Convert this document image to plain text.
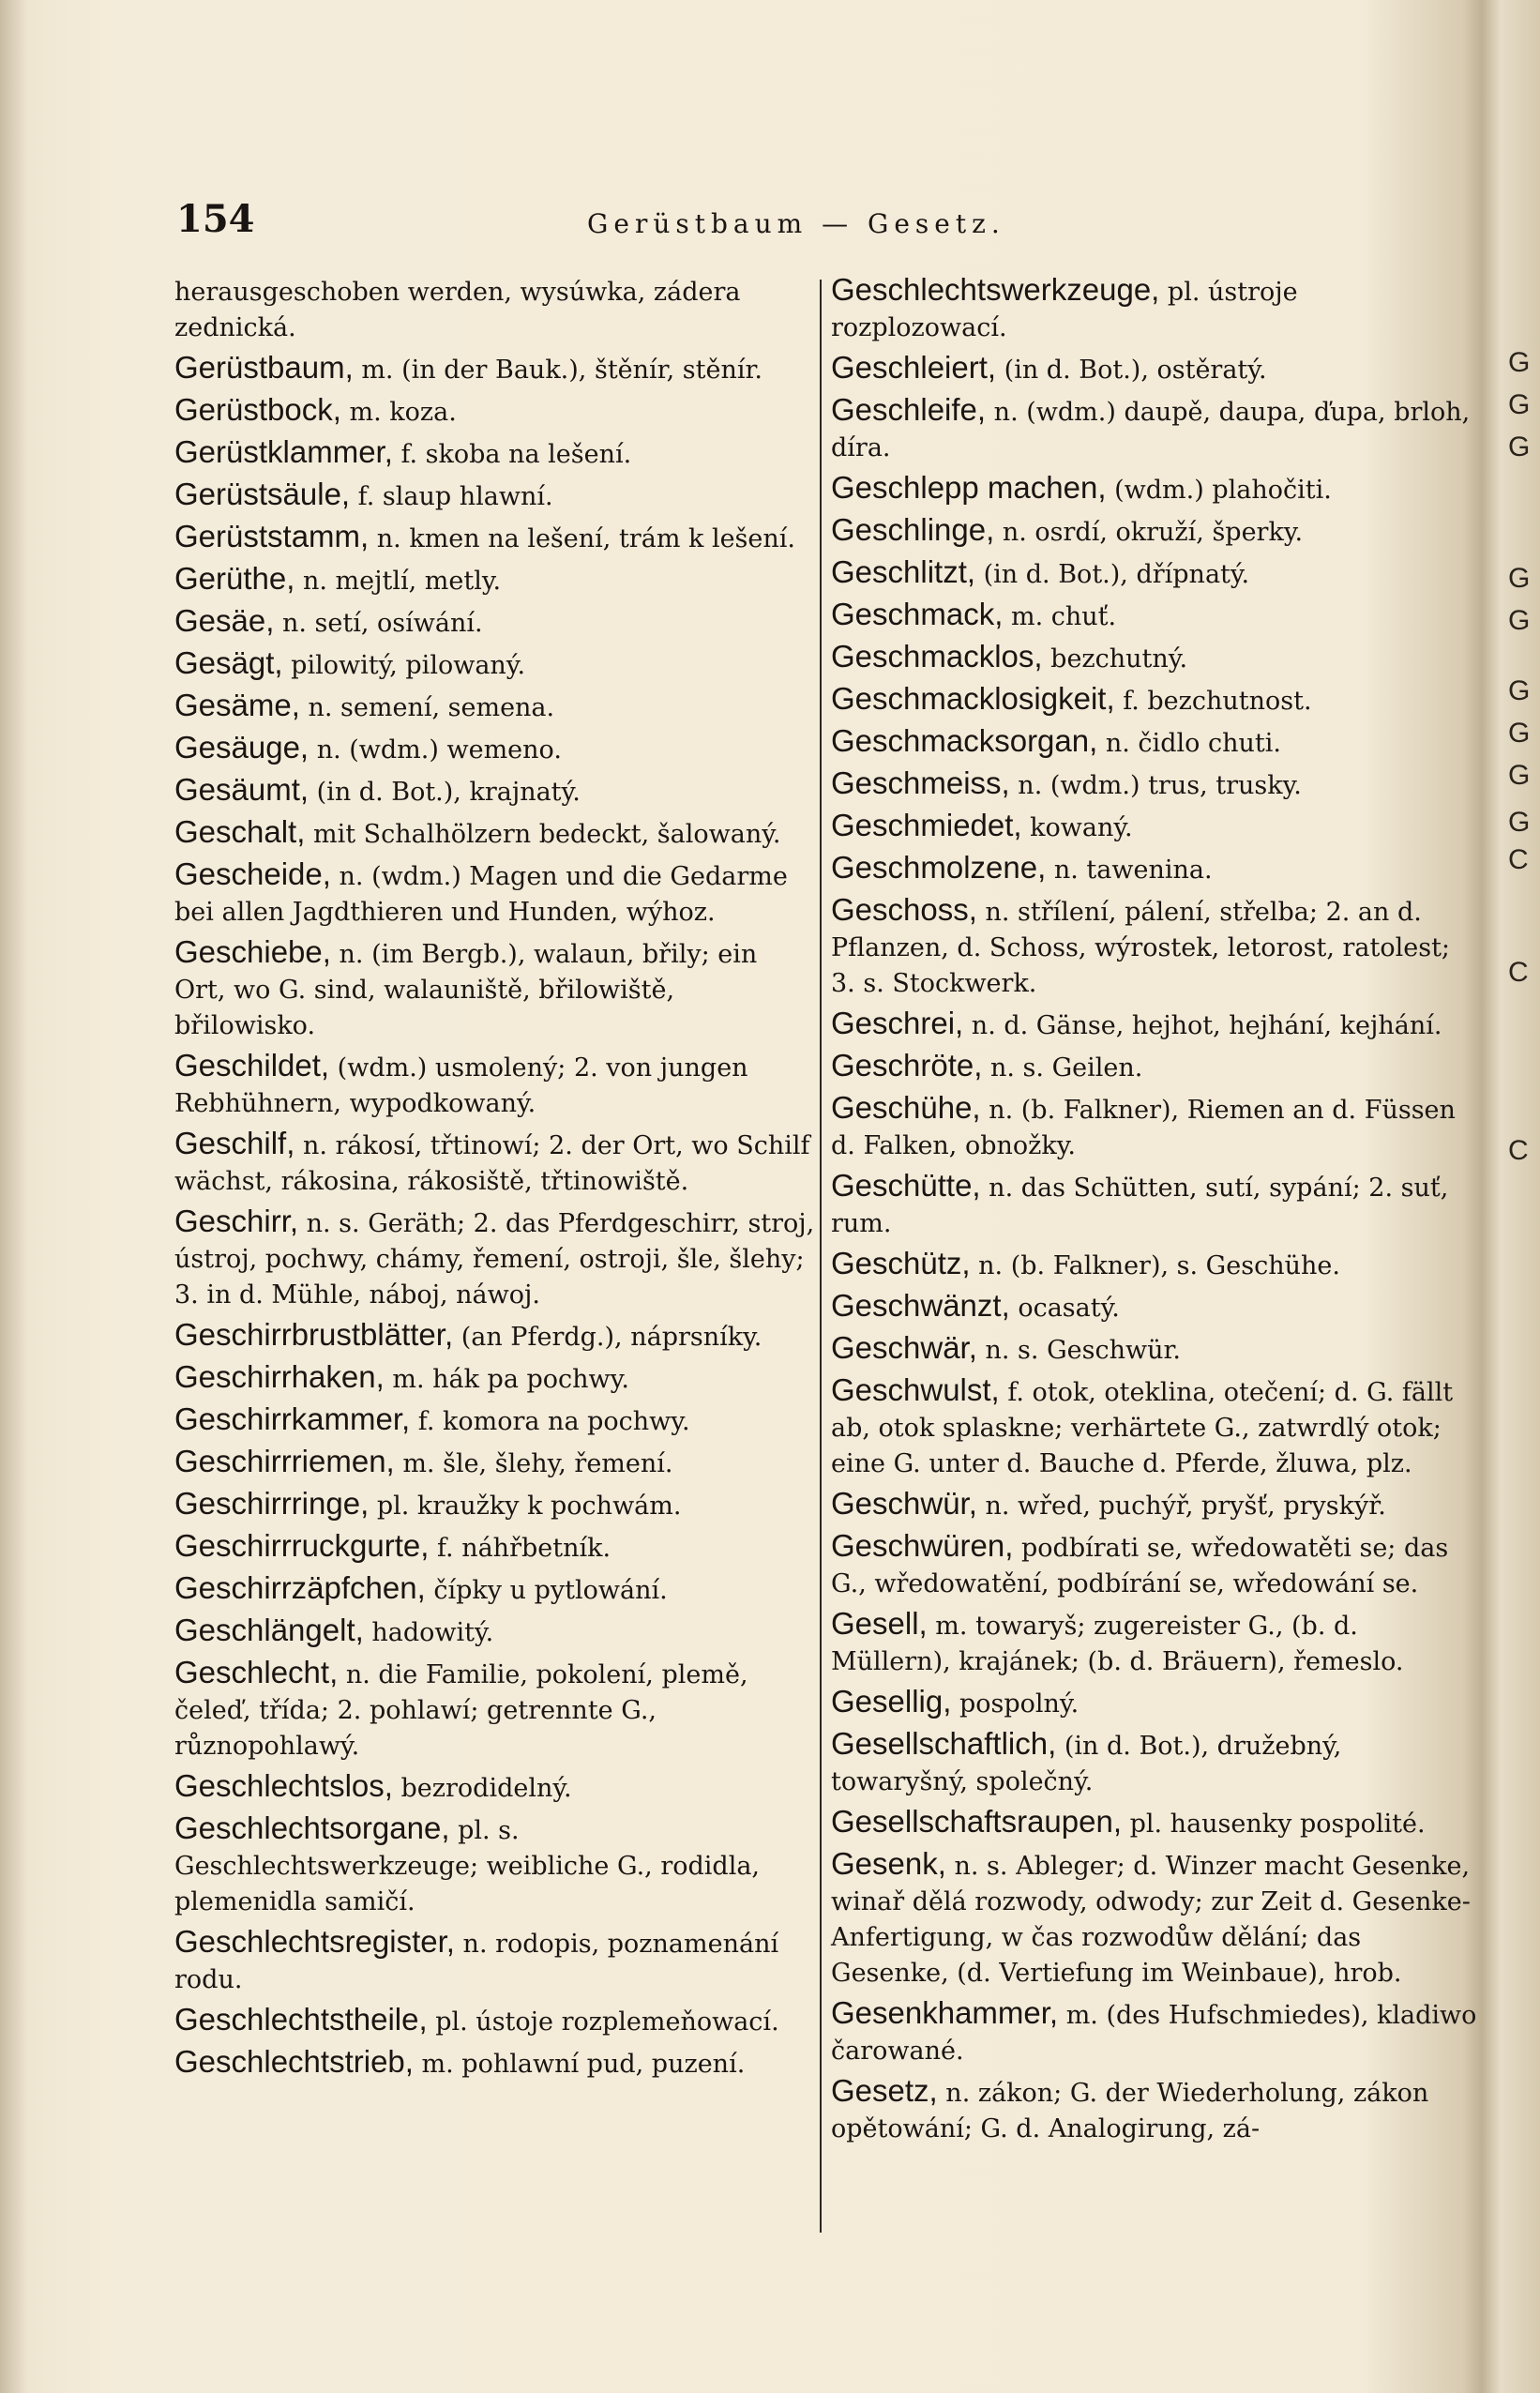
154	Gerüstbaum — Gesetz.

herausgeschoben werden, wysúwka, zádera zednická.

Gerüstbaum, m. (in der Bauk.), štěnír, stěnír.

Gerüstbock, m. koza.

Gerüstklammer, f. skoba na lešení.

Gerüstsäule, f. slaup hlawní.

Gerüststamm, n. kmen na lešení, trám k lešení.

Gerüthe, n. mejtlí, metly.

Gesäe, n. setí, osíwání.

Gesägt, pilowitý, pilowaný.

Gesäme, n. semení, semena.

Gesäuge, n. (wdm.) wemeno.

Gesäumt, (in d. Bot.), krajnatý.

Geschalt, mit Schalhölzern bedeckt, šalowaný.

Gescheide, n. (wdm.) Magen und die Gedarme bei allen Jagdthieren und Hunden, wýhoz.

Geschiebe, n. (im Bergb.), walaun, břily; ein Ort, wo G. sind, walauniště, břilowiště, břilowisko.

Geschildet, (wdm.) usmolený; 2. von jungen Rebhühnern, wypodkowaný.

Geschilf, n. rákosí, třtinowí; 2. der Ort, wo Schilf wächst, rákosina, rákosiště, třtinowiště.

Geschirr, n. s. Geräth; 2. das Pferdgeschirr, stroj, ústroj, pochwy, chámy, řemení, ostroji, šle, šlehy; 3. in d. Mühle, náboj, náwoj.

Geschirrbrustblätter, (an Pferdg.), náprsníky.

Geschirrhaken, m. hák pa pochwy.

Geschirrkammer, f. komora na pochwy.

Geschirrriemen, m. šle, šlehy, řemení.

Geschirrringe, pl. kraužky k pochwám.

Geschirrruckgurte, f. náhřbetník.

Geschirrzäpfchen, čípky u pytlowání.

Geschlängelt, hadowitý.

Geschlecht, n. die Familie, pokolení, plemě, čeleď, třída; 2. pohlawí; getrennte G., různopohlawý.

Geschlechtslos, bezrodidelný.

Geschlechtsorgane, pl. s. Geschlechtswerkzeuge; weibliche G., rodidla, plemenidla samičí.

Geschlechtsregister, n. rodopis, poznamenání rodu.

Geschlechtstheile, pl. ústoje rozplemeňowací.

Geschlechtstrieb, m. pohlawní pud, puzení.

Geschlechtswerkzeuge, pl. ústroje rozplozowací.

Geschleiert, (in d. Bot.), ostěratý.

Geschleife, n. (wdm.) daupě, daupa, ďupa, brloh, díra.

Geschlepp machen, (wdm.) plahočiti.

Geschlinge, n. osrdí, okruží, šperky.

Geschlitzt, (in d. Bot.), dřípnatý.

Geschmack, m. chuť.

Geschmacklos, bezchutný.

Geschmacklosigkeit, f. bezchutnost.

Geschmacksorgan, n. čidlo chuti.

Geschmeiss, n. (wdm.) trus, trusky.

Geschmiedet, kowaný.

Geschmolzene, n. tawenina.

Geschoss, n. střílení, pálení, střelba; 2. an d. Pflanzen, d. Schoss, wýrostek, letorost, ratolest; 3. s. Stockwerk.

Geschrei, n. d. Gänse, hejhot, hejhání, kejhání.

Geschröte, n. s. Geilen.

Geschühe, n. (b. Falkner), Riemen an d. Füssen d. Falken, obnožky.

Geschütte, n. das Schütten, sutí, sypání; 2. suť, rum.

Geschütz, n. (b. Falkner), s. Geschühe.

Geschwänzt, ocasatý.

Geschwär, n. s. Geschwür.

Geschwulst, f. otok, oteklina, otečení; d. G. fällt ab, otok splaskne; verhärtete G., zatwrdlý otok; eine G. unter d. Bauche d. Pferde, žluwa, plz.

Geschwür, n. wřed, puchýř, pryšť, pryskýř.

Geschwüren, podbírati se, wředowatěti se; das G., wředowatění, podbírání se, wředowání se.

Gesell, m. towaryš; zugereister G., (b. d. Müllern), krajánek; (b. d. Bräuern), řemeslo.

Gesellig, pospolný.

Gesellschaftlich, (in d. Bot.), družebný, towaryšný, společný.

Gesellschaftsraupen, pl. hausenky pospolité.

Gesenk, n. s. Ableger; d. Winzer macht Gesenke, winař dělá rozwody, odwody; zur Zeit d. Gesenke-Anfertigung, w čas rozwodůw dělání; das Gesenke, (d. Vertiefung im Weinbaue), hrob.

Gesenkhammer, m. (des Hufschmiedes), kladiwo čarowané.

Gesetz, n. zákon; G. der Wiederholung, zákon opětowání; G. d. Analogirung, zá-

G
G
G
G
G
G
G
G
G
C
C
C
